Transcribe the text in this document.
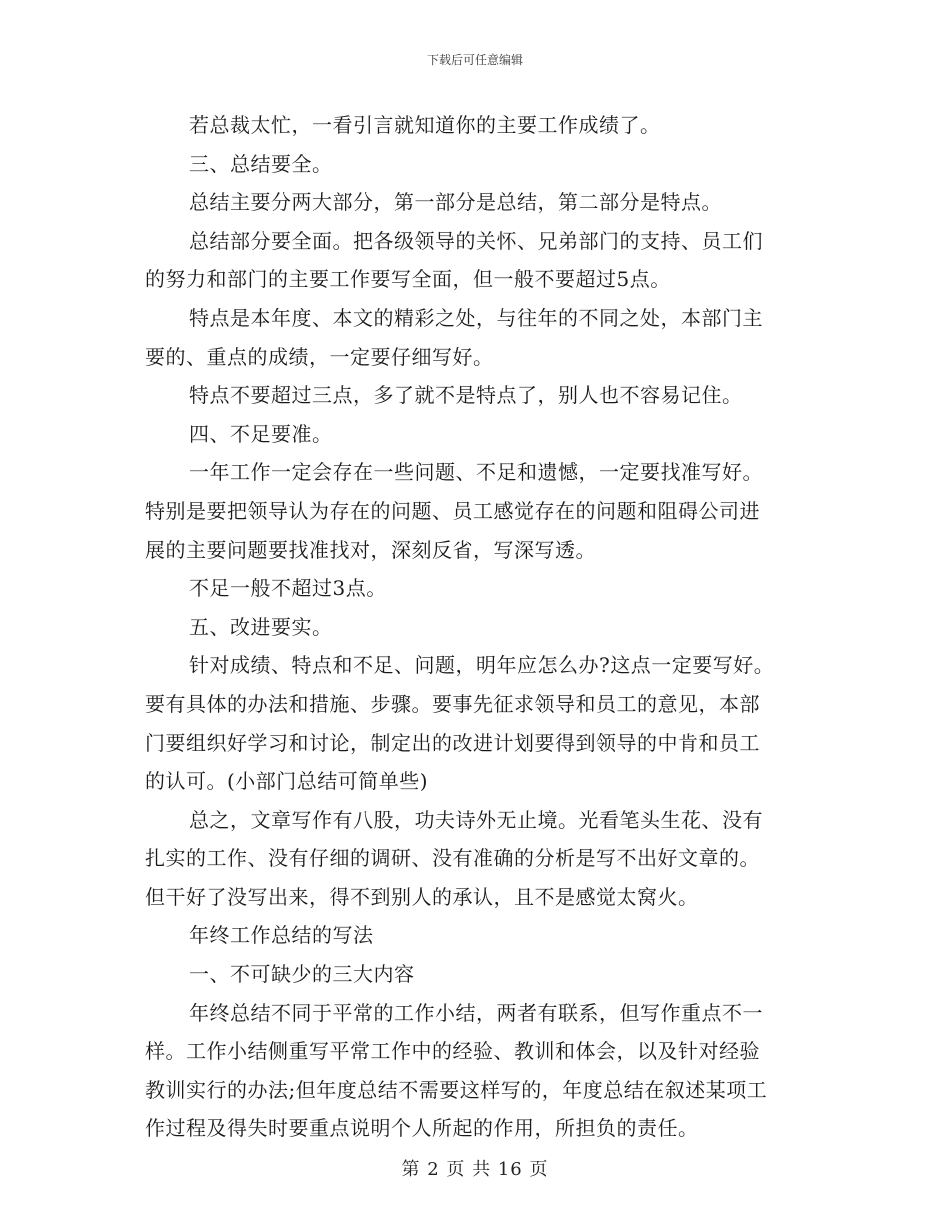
下载后可任意编辑
若总裁太忙，一看引言就知道你的主要工作成绩了。
三、总结要全。
总结主要分两大部分，第一部分是总结，第二部分是特点。
总结部分要全面。把各级领导的关怀、兄弟部门的支持、员工们
的努力和部门的主要工作要写全面，但一般不要超过5点。
特点是本年度、本文的精彩之处，与往年的不同之处，本部门主
要的、重点的成绩，一定要仔细写好。
特点不要超过三点，多了就不是特点了，别人也不容易记住。
四、不足要准。
一年工作一定会存在一些问题、不足和遗憾，一定要找准写好。
特别是要把领导认为存在的问题、员工感觉存在的问题和阻碍公司进
展的主要问题要找准找对，深刻反省，写深写透。
不足一般不超过3点。
五、改进要实。
针对成绩、特点和不足、问题，明年应怎么办?这点一定要写好。
要有具体的办法和措施、步骤。要事先征求领导和员工的意见，本部
门要组织好学习和讨论，制定出的改进计划要得到领导的中肯和员工
的认可。(小部门总结可简单些)
总之，文章写作有八股，功夫诗外无止境。光看笔头生花、没有
扎实的工作、没有仔细的调研、没有准确的分析是写不出好文章的。
但干好了没写出来，得不到别人的承认，且不是感觉太窝火。
年终工作总结的写法
一、不可缺少的三大内容
年终总结不同于平常的工作小结，两者有联系，但写作重点不一
样。工作小结侧重写平常工作中的经验、教训和体会，以及针对经验
教训实行的办法;但年度总结不需要这样写的，年度总结在叙述某项工
作过程及得失时要重点说明个人所起的作用，所担负的责任。
第 2 页 共 16 页
